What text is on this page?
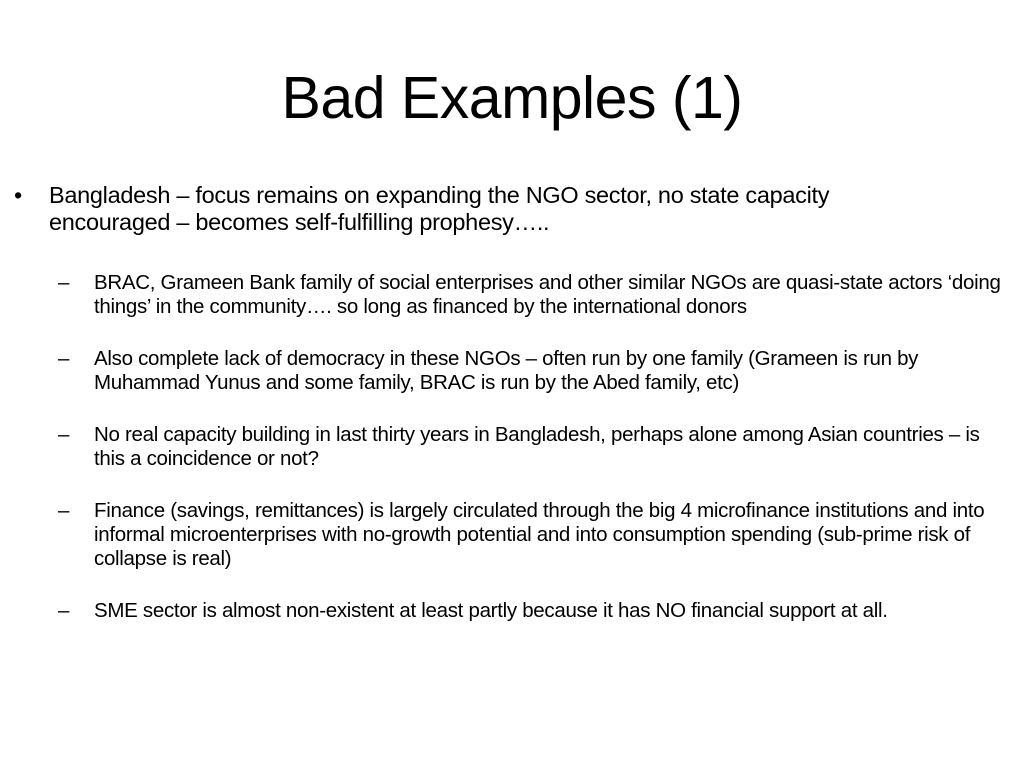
Bad Examples (1)
•	Bangladesh – focus remains on expanding the NGO sector, no state capacity encouraged – becomes self-fulfilling prophesy…..
– BRAC, Grameen Bank family of social enterprises and other similar NGOs are quasi-state actors ‘doing things’ in the community…. so long as financed by the international donors
– Also complete lack of democracy in these NGOs – often run by one family (Grameen is run by Muhammad Yunus and some family, BRAC is run by the Abed family, etc)
– No real capacity building in last thirty years in Bangladesh, perhaps alone among Asian countries – is this a coincidence or not?
– Finance (savings, remittances) is largely circulated through the big 4 microfinance institutions and into informal microenterprises with no-growth potential and into consumption spending (sub-prime risk of collapse is real)
– SME sector is almost non-existent at least partly because it has NO financial support at all.
